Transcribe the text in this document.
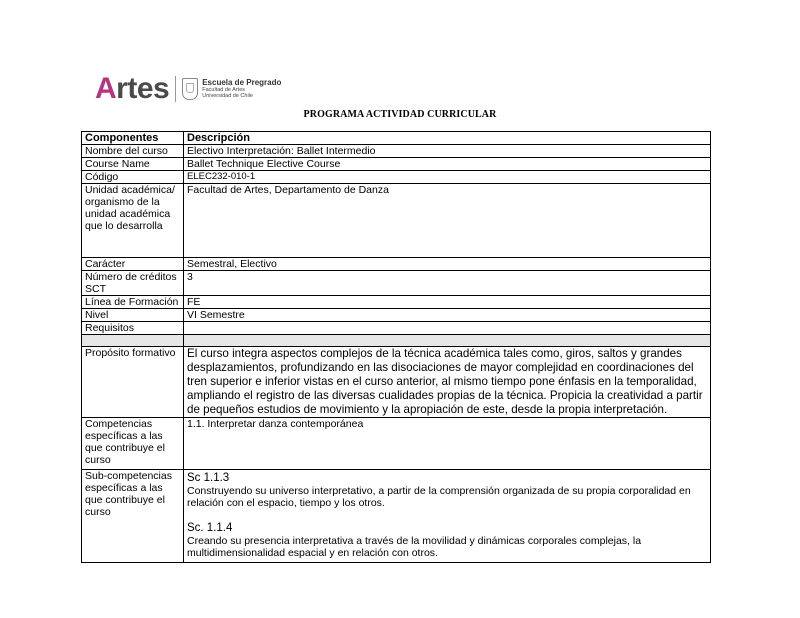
Artes	Escuela de Pregrado
Facultad de Artes
Universidad de Chile
PROGRAMA ACTIVIDAD CURRICULAR
Componentes	Descripción
Nombre del curso	Electivo Interpretación: Ballet Intermedio
Course Name	Ballet Technique Elective Course
Código	ELEC232-010-1
Unidad académica/ organismo de la unidad académica que lo desarrolla	Facultad de Artes, Departamento de Danza
Carácter	Semestral, Electivo
Número de créditos SCT	3
Línea de Formación	FE
Nivel	VI Semestre
Requisitos	

Propósito formativo	El curso integra aspectos complejos de la técnica académica tales como, giros, saltos y grandes desplazamientos, profundizando en las disociaciones de mayor complejidad en coordinaciones del tren superior e inferior vistas en el curso anterior, al mismo tiempo pone énfasis en la temporalidad, ampliando el registro de las diversas cualidades propias de la técnica. Propicia la creatividad a partir de pequeños estudios de movimiento y la apropiación de este, desde la propia interpretación.
Competencias específicas a las que contribuye el curso	1.1. Interpretar danza contemporánea
Sub-competencias específicas a las que contribuye el curso	Sc 1.1.3

Construyendo su universo interpretativo, a partir de la comprensión organizada de su propia corporalidad en relación con el espacio, tiempo y los otros.

Sc. 1.1.4

Creando su presencia interpretativa a través de la movilidad y dinámicas corporales complejas, la multidimensionalidad espacial y en relación con otros.
